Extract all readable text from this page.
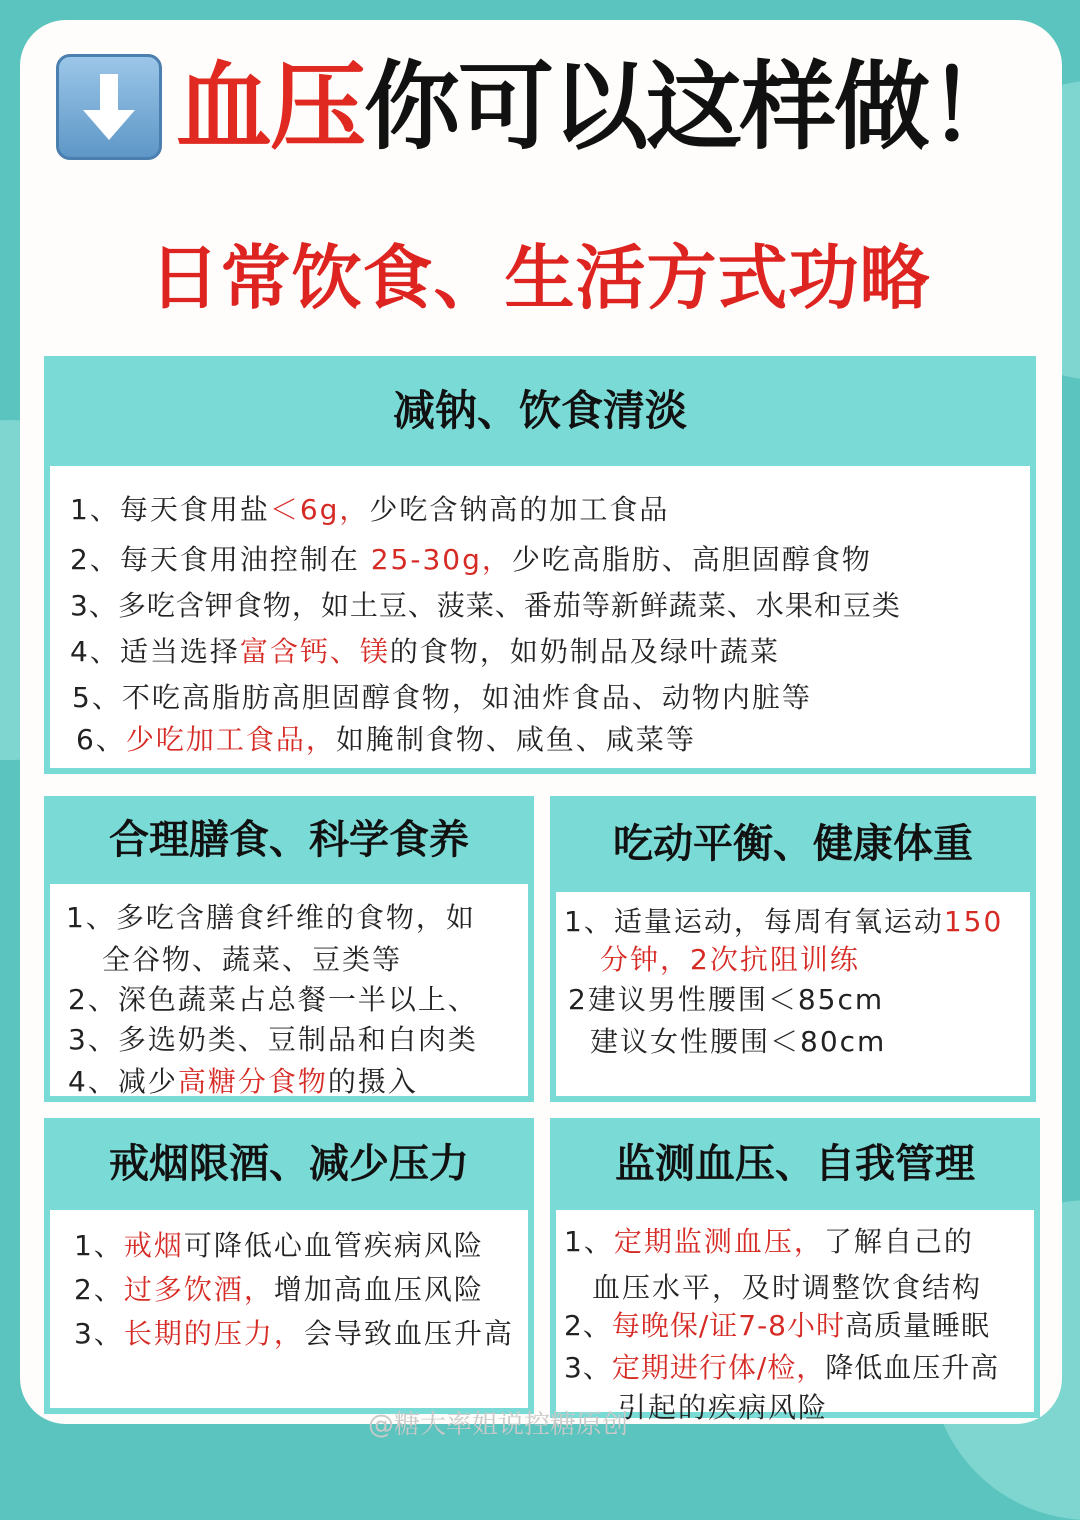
血压 你可以这样做！
日常饮食、生活方式功略
减钠、饮食清淡
1、每天食用盐＜6g，少吃含钠高的加工食品
2、每天食用油控制在 25-30g，少吃高脂肪、高胆固醇食物
3、多吃含钾食物，如土豆、菠菜、番茄等新鲜蔬菜、水果和豆类
4、适当选择富含钙、镁的食物，如奶制品及绿叶蔬菜
5、不吃高脂肪高胆固醇食物，如油炸食品、动物内脏等
6、少吃加工食品，如腌制食物、咸鱼、咸菜等
合理膳食、科学食养
1、多吃含膳食纤维的食物，如
全谷物、蔬菜、豆类等
2、深色蔬菜占总餐一半以上、
3、多选奶类、豆制品和白肉类
4、减少高糖分食物的摄入
吃动平衡、健康体重
1、适量运动，每周有氧运动150
分钟，2次抗阻训练
2建议男性腰围＜85cm
建议女性腰围＜80cm
戒烟限酒、减少压力
1、戒烟可降低心血管疾病风险
2、过多饮酒，增加高血压风险
3、长期的压力，会导致血压升高
监测血压、自我管理
1、定期监测血压，了解自己的
血压水平，及时调整饮食结构
2、每晚保/证7-8小时高质量睡眠
3、定期进行体/检，降低血压升高
引起的疾病风险
@糖大率姐说控糖原创
